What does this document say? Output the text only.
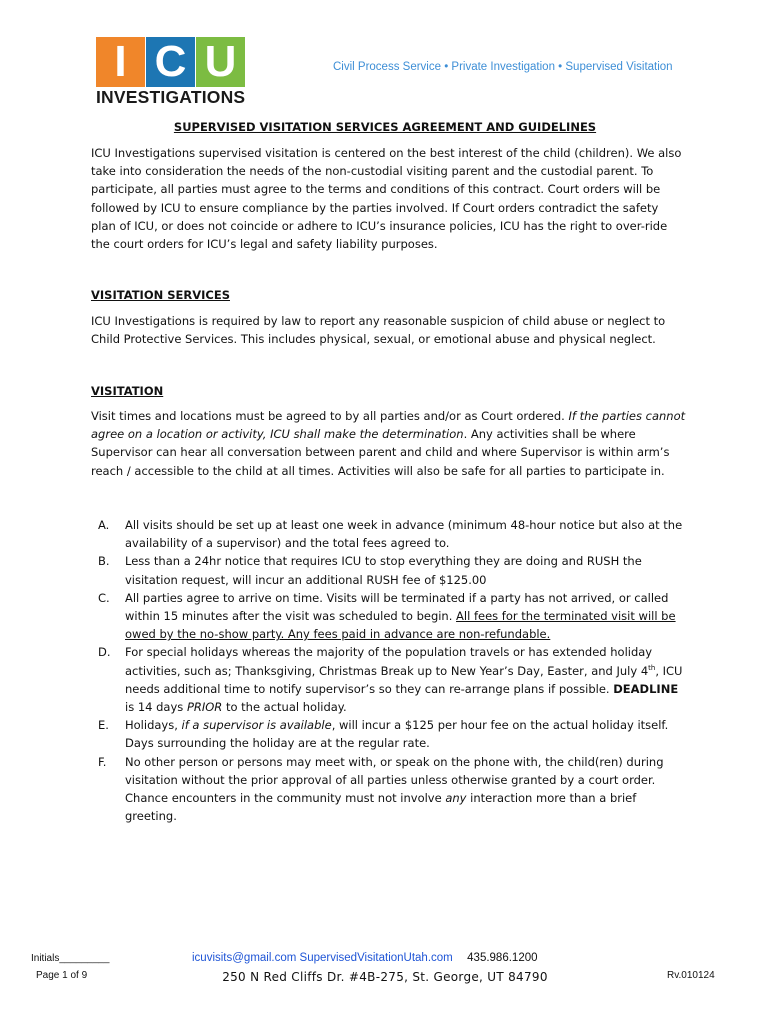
I C U
INVESTIGATIONS
Civil Process Service • Private Investigation • Supervised Visitation
SUPERVISED VISITATION SERVICES AGREEMENT AND GUIDELINES
ICU Investigations supervised visitation is centered on the best interest of the child (children). We also take into consideration the needs of the non-custodial visiting parent and the custodial parent. To participate, all parties must agree to the terms and conditions of this contract. Court orders will be followed by ICU to ensure compliance by the parties involved. If Court orders contradict the safety plan of ICU, or does not coincide or adhere to ICU’s insurance policies, ICU has the right to over-ride the court orders for ICU’s legal and safety liability purposes.
VISITATION SERVICES
ICU Investigations is required by law to report any reasonable suspicion of child abuse or neglect to Child Protective Services. This includes physical, sexual, or emotional abuse and physical neglect.
VISITATION
Visit times and locations must be agreed to by all parties and/or as Court ordered. If the parties cannot agree on a location or activity, ICU shall make the determination. Any activities shall be where Supervisor can hear all conversation between parent and child and where Supervisor is within arm’s reach / accessible to the child at all times. Activities will also be safe for all parties to participate in.
A. All visits should be set up at least one week in advance (minimum 48-hour notice but also at the availability of a supervisor) and the total fees agreed to.
B. Less than a 24hr notice that requires ICU to stop everything they are doing and RUSH the visitation request, will incur an additional RUSH fee of $125.00
C. All parties agree to arrive on time. Visits will be terminated if a party has not arrived, or called within 15 minutes after the visit was scheduled to begin. All fees for the terminated visit will be owed by the no-show party. Any fees paid in advance are non-refundable.
D. For special holidays whereas the majority of the population travels or has extended holiday activities, such as; Thanksgiving, Christmas Break up to New Year’s Day, Easter, and July 4th, ICU needs additional time to notify supervisor’s so they can re-arrange plans if possible. DEADLINE is 14 days PRIOR to the actual holiday.
E. Holidays, if a supervisor is available, will incur a $125 per hour fee on the actual holiday itself. Days surrounding the holiday are at the regular rate.
F. No other person or persons may meet with, or speak on the phone with, the child(ren) during visitation without the prior approval of all parties unless otherwise granted by a court order. Chance encounters in the community must not involve any interaction more than a brief greeting.
Initials_________
Page 1 of 9
icuvisits@gmail.com SupervisedVisitationUtah.com 435.986.1200
250 N Red Cliffs Dr. #4B-275, St. George, UT 84790	Rv.010124
